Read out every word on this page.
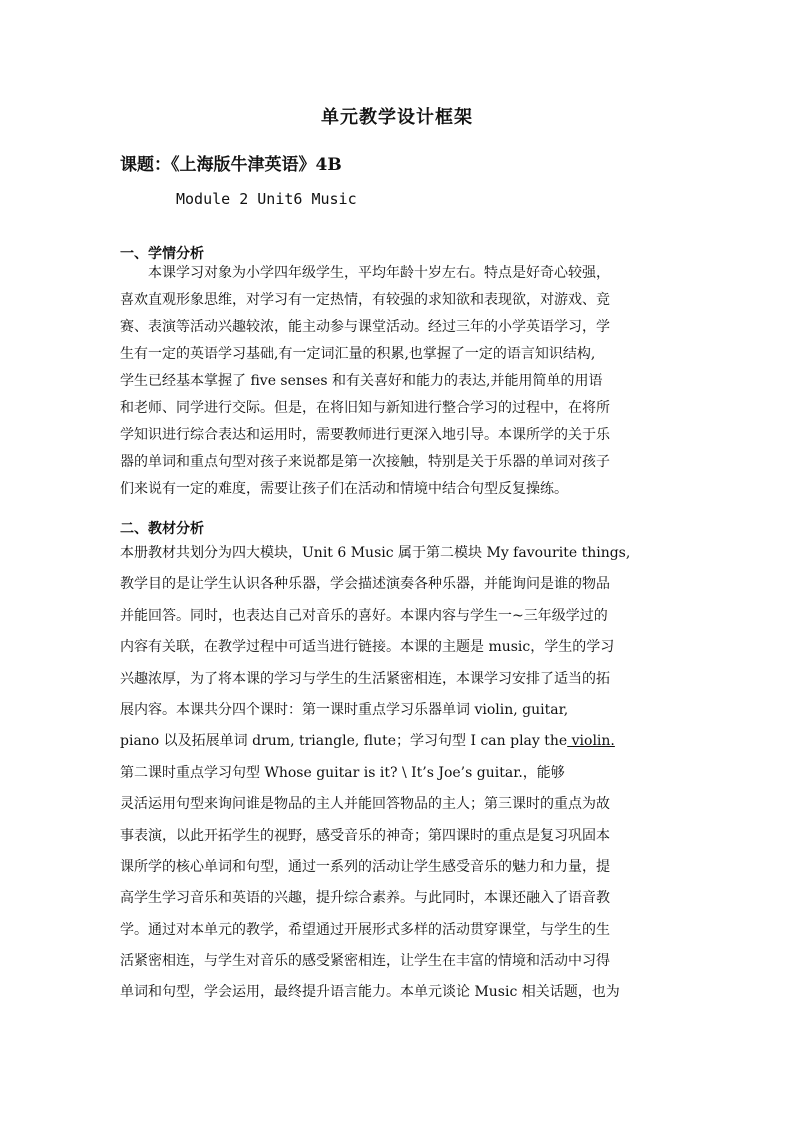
单元教学设计框架
课题：《上海版牛津英语》4B
Module 2 Unit6 Music
一、学情分析
本课学习对象为小学四年级学生，平均年龄十岁左右。特点是好奇心较强，
喜欢直观形象思维，对学习有一定热情，有较强的求知欲和表现欲，对游戏、竞
赛、表演等活动兴趣较浓，能主动参与课堂活动。经过三年的小学英语学习，学
生有一定的英语学习基础,有一定词汇量的积累,也掌握了一定的语言知识结构,
学生已经基本掌握了 five senses 和有关喜好和能力的表达,并能用简单的用语
和老师、同学进行交际。但是，在将旧知与新知进行整合学习的过程中，在将所
学知识进行综合表达和运用时，需要教师进行更深入地引导。本课所学的关于乐
器的单词和重点句型对孩子来说都是第一次接触，特别是关于乐器的单词对孩子
们来说有一定的难度，需要让孩子们在活动和情境中结合句型反复操练。
二、教材分析
本册教材共划分为四大模块，Unit 6 Music 属于第二模块 My favourite things,
教学目的是让学生认识各种乐器，学会描述演奏各种乐器，并能询问是谁的物品
并能回答。同时，也表达自己对音乐的喜好。本课内容与学生一~三年级学过的
内容有关联，在教学过程中可适当进行链接。本课的主题是 music，学生的学习
兴趣浓厚，为了将本课的学习与学生的生活紧密相连，本课学习安排了适当的拓
展内容。本课共分四个课时：第一课时重点学习乐器单词 violin, guitar,
piano 以及拓展单词 drum, triangle, flute；学习句型 I can play the violin.
第二课时重点学习句型 Whose guitar is it? \ It’s Joe’s guitar.，能够
灵活运用句型来询问谁是物品的主人并能回答物品的主人；第三课时的重点为故
事表演，以此开拓学生的视野，感受音乐的神奇；第四课时的重点是复习巩固本
课所学的核心单词和句型，通过一系列的活动让学生感受音乐的魅力和力量，提
高学生学习音乐和英语的兴趣，提升综合素养。与此同时，本课还融入了语音教
学。通过对本单元的教学，希望通过开展形式多样的活动贯穿课堂，与学生的生
活紧密相连，与学生对音乐的感受紧密相连，让学生在丰富的情境和活动中习得
单词和句型，学会运用，最终提升语言能力。本单元谈论 Music 相关话题，也为
